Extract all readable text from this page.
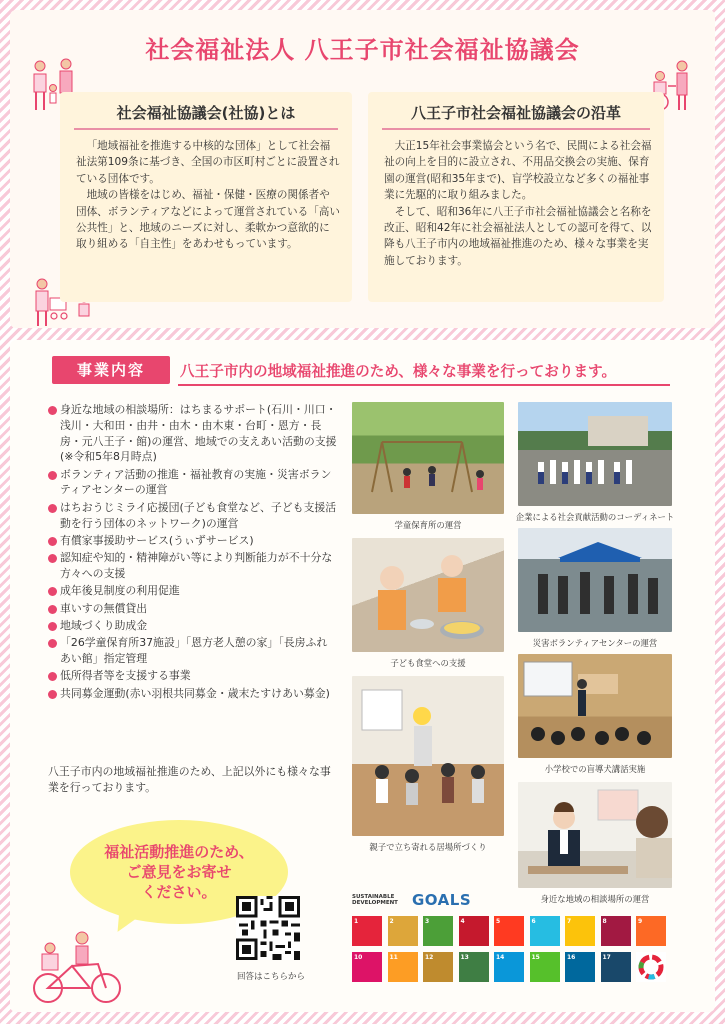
社会福祉法人 八王子市社会福祉協議会
社会福祉協議会(社協)とは

「地域福祉を推進する中核的な団体」として社会福祉法第109条に基づき、全国の市区町村ごとに設置されている団体です。

地域の皆様をはじめ、福祉・保健・医療の関係者や団体、ボランティアなどによって運営されている「高い公共性」と、地域のニーズに対し、柔軟かつ意欲的に取り組める「自主性」をあわせもっています。

八王子市社会福祉協議会の沿革

大正15年社会事業協会という名で、民間による社会福祉の向上を目的に設立され、不用品交換会の実施、保育園の運営(昭和35年まで)、盲学校設立など多くの福祉事業に先駆的に取り組みました。

そして、昭和36年に八王子市社会福祉協議会と名称を改正、昭和42年に社会福祉法人としての認可を得て、以降も八王子市内の地域福祉推進のため、様々な事業を実施しております。

事業内容	八王子市内の地域福祉推進のため、様々な事業を行っております。
身近な地域の相談場所：はちまるサポート(石川・川口・浅川・大和田・由井・由木・由木東・台町・恩方・長房・元八王子・館)の運営、地域での支えあい活動の支援(※令和5年8月時点)
ボランティア活動の推進・福祉教育の実施・災害ボランティアセンターの運営
はちおうじミライ応援団(子ども食堂など、子ども支援活動を行う団体のネットワーク)の運営
有償家事援助サービス(うぃずサービス)
認知症や知的・精神障がい等により判断能力が不十分な方々への支援
成年後見制度の利用促進
車いすの無償貸出
地域づくり助成金
「26学童保育所37施設」「恩方老人憩の家」「長房ふれあい館」指定管理
低所得者等を支援する事業
共同募金運動(赤い羽根共同募金・歳末たすけあい募金)
八王子市内の地域福祉推進のため、上記以外にも様々な事業を行っております。
福祉活動推進のため、
ご意見をお寄せ
ください。
回答はこちらから
学童保育所の運営
企業による社会貢献活動のコーディネート
子ども食堂への支援
災害ボランティアセンターの運営
小学校での盲導犬講話実施
親子で立ち寄れる居場所づくり
身近な地域の相談場所の運営
SUSTAINABLE
DEVELOPMENT GOALS
1	2	3	4	5	6	7	8	9
10	11	12	13	14	15	16	17
